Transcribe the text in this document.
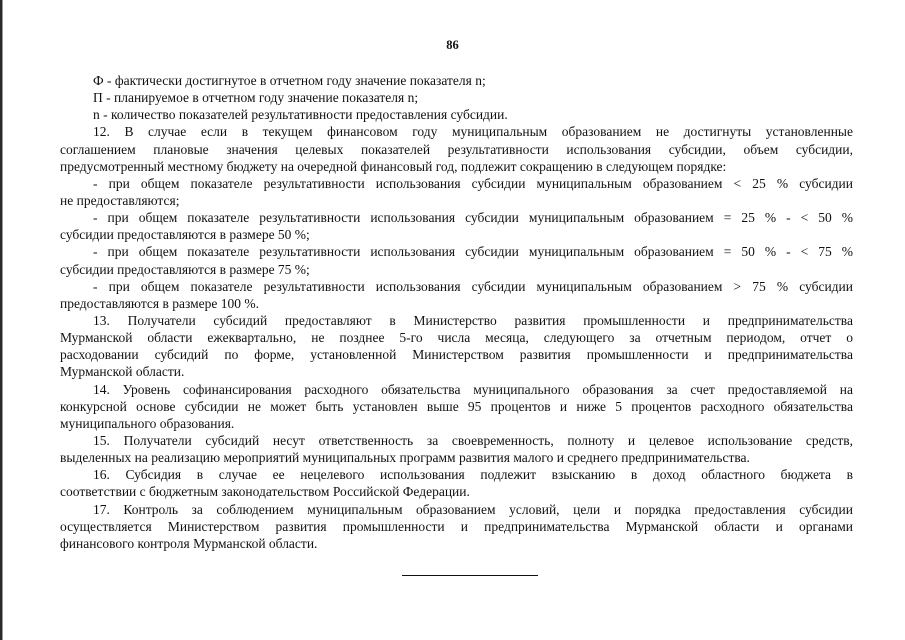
86
Ф - фактически достигнутое в отчетном году значение показателя n;
П - планируемое в отчетном году значение показателя n;
n - количество показателей результативности предоставления субсидии.
12. В случае если в текущем финансовом году муниципальным образованием не достигнуты установленные
соглашением плановые значения целевых показателей результативности использования субсидии, объем субсидии,
предусмотренный местному бюджету на очередной финансовый год, подлежит сокращению в следующем порядке:
- при общем показателе результативности использования субсидии муниципальным образованием < 25 % субсидии
не предоставляются;
- при общем показателе результативности использования субсидии муниципальным образованием = 25 % - < 50 %
субсидии предоставляются в размере 50 %;
- при общем показателе результативности использования субсидии муниципальным образованием = 50 % - < 75 %
субсидии предоставляются в размере 75 %;
- при общем показателе результативности использования субсидии муниципальным образованием > 75 % субсидии
предоставляются в размере 100 %.
13. Получатели субсидий предоставляют в Министерство развития промышленности и предпринимательства
Мурманской области ежеквартально, не позднее 5-го числа месяца, следующего за отчетным периодом, отчет о
расходовании субсидий по форме, установленной Министерством развития промышленности и предпринимательства
Мурманской области.
14. Уровень софинансирования расходного обязательства муниципального образования за счет предоставляемой на
конкурсной основе субсидии не может быть установлен выше 95 процентов и ниже 5 процентов расходного обязательства
муниципального образования.
15. Получатели субсидий несут ответственность за своевременность, полноту и целевое использование средств,
выделенных на реализацию мероприятий муниципальных программ развития малого и среднего предпринимательства.
16. Субсидия в случае ее нецелевого использования подлежит взысканию в доход областного бюджета в
соответствии с бюджетным законодательством Российской Федерации.
17. Контроль за соблюдением муниципальным образованием условий, цели и порядка предоставления субсидии
осуществляется Министерством развития промышленности и предпринимательства Мурманской области и органами
финансового контроля Мурманской области.
